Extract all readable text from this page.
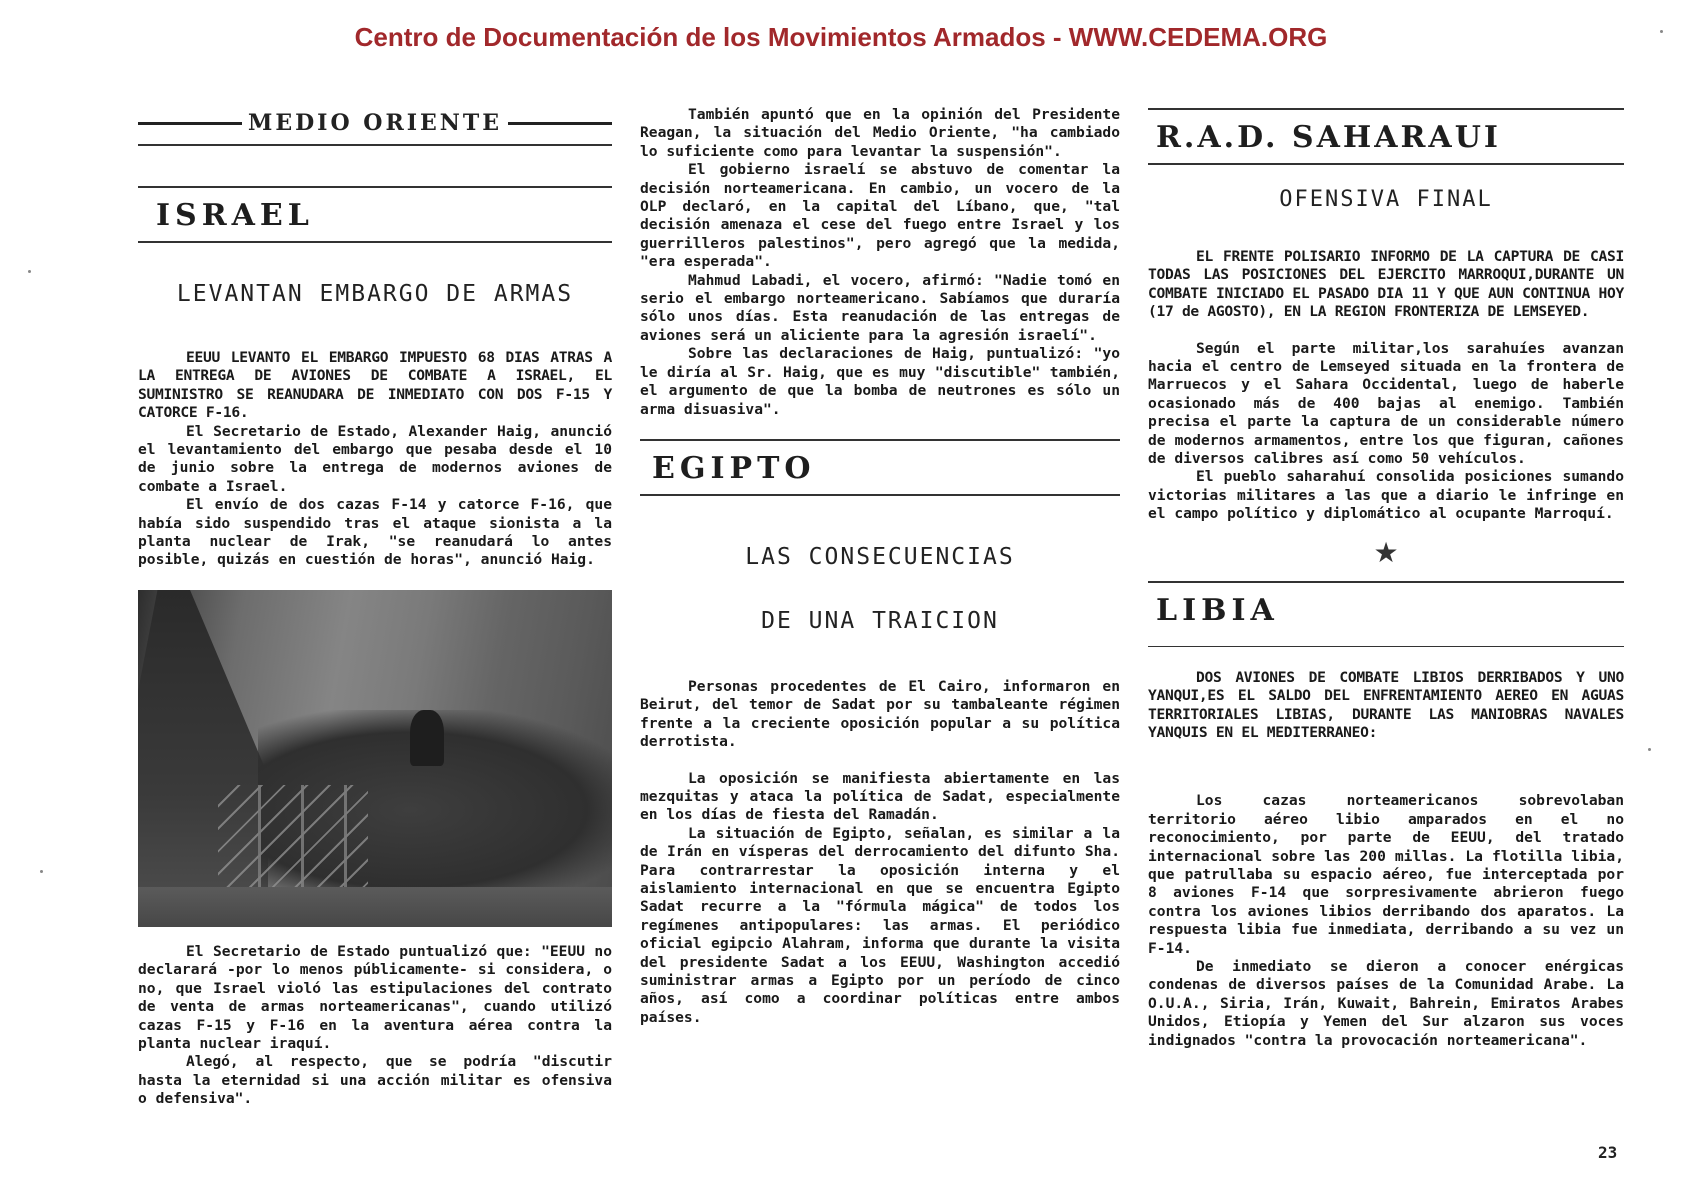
Centro de Documentación de los Movimientos Armados - WWW.CEDEMA.ORG
MEDIO ORIENTE
ISRAEL
LEVANTAN EMBARGO DE ARMAS

EEUU LEVANTO EL EMBARGO IMPUESTO 68 DIAS ATRAS A LA ENTREGA DE AVIONES DE COMBATE A ISRAEL, EL SUMINISTRO SE REANUDARA DE INMEDIATO CON DOS F-15 Y CATORCE F-16.

El Secretario de Estado, Alexander Haig, anunció el levantamiento del embargo que pesaba desde el 10 de junio sobre la entrega de modernos aviones de combate a Israel.

El envío de dos cazas F-14 y catorce F-16, que había sido suspendido tras el ataque sionista a la planta nuclear de Irak, "se reanudará lo antes posible, quizás en cuestión de horas", anunció Haig.

El Secretario de Estado puntualizó que: "EEUU no declarará -por lo menos públicamente- si considera, o no, que Israel violó las estipulaciones del contrato de venta de armas norteamericanas", cuando utilizó cazas F-15 y F-16 en la aventura aérea contra la planta nuclear iraquí.

Alegó, al respecto, que se podría "discutir hasta la eternidad si una acción militar es ofensiva o defensiva".

También apuntó que en la opinión del Presidente Reagan, la situación del Medio Oriente, "ha cambiado lo suficiente como para levantar la suspensión".

El gobierno israelí se abstuvo de comentar la decisión norteamericana. En cambio, un vocero de la OLP declaró, en la capital del Líbano, que, "tal decisión amenaza el cese del fuego entre Israel y los guerrilleros palestinos", pero agregó que la medida, "era esperada".

Mahmud Labadi, el vocero, afirmó: "Nadie tomó en serio el embargo norteamericano. Sabíamos que duraría sólo unos días. Esta reanudación de las entregas de aviones será un aliciente para la agresión israelí".

Sobre las declaraciones de Haig, puntualizó: "yo le diría al Sr. Haig, que es muy "discutible" también, el argumento de que la bomba de neutrones es sólo un arma disuasiva".

EGIPTO
LAS CONSECUENCIAS
DE UNA TRAICION

Personas procedentes de El Cairo, informaron en Beirut, del temor de Sadat por su tambaleante régimen frente a la creciente oposición popular a su política derrotista.

La oposición se manifiesta abiertamente en las mezquitas y ataca la política de Sadat, especialmente en los días de fiesta del Ramadán.

La situación de Egipto, señalan, es similar a la de Irán en vísperas del derrocamiento del difunto Sha. Para contrarrestar la oposición interna y el aislamiento internacional en que se encuentra Egipto Sadat recurre a la "fórmula mágica" de todos los regímenes antipopulares: las armas. El periódico oficial egipcio Alahram, informa que durante la visita del presidente Sadat a los EEUU, Washington accedió suministrar armas a Egipto por un período de cinco años, así como a coordinar políticas entre ambos países.

R.A.D. SAHARAUI
OFENSIVA FINAL

EL FRENTE POLISARIO INFORMO DE LA CAPTURA DE CASI TODAS LAS POSICIONES DEL EJERCITO MARROQUI,DURANTE UN COMBATE INICIADO EL PASADO DIA 11 Y QUE AUN CONTINUA HOY (17 de AGOSTO), EN LA REGION FRONTERIZA DE LEMSEYED.

Según el parte militar,los sarahuíes avanzan hacia el centro de Lemseyed situada en la frontera de Marruecos y el Sahara Occidental, luego de haberle ocasionado más de 400 bajas al enemigo. También precisa el parte la captura de un considerable número de modernos armamentos, entre los que figuran, cañones de diversos calibres así como 50 vehículos.

El pueblo saharahuí consolida posiciones sumando victorias militares a las que a diario le infringe en el campo político y diplomático al ocupante Marroquí.

★
LIBIA

DOS AVIONES DE COMBATE LIBIOS DERRIBADOS Y UNO YANQUI,ES EL SALDO DEL ENFRENTAMIENTO AEREO EN AGUAS TERRITORIALES LIBIAS, DURANTE LAS MANIOBRAS NAVALES YANQUIS EN EL MEDITERRANEO:

Los cazas norteamericanos sobrevolaban territorio aéreo libio amparados en el no reconocimiento, por parte de EEUU, del tratado internacional sobre las 200 millas. La flotilla libia, que patrullaba su espacio aéreo, fue interceptada por 8 aviones F-14 que sorpresivamente abrieron fuego contra los aviones libios derribando dos aparatos. La respuesta libia fue inmediata, derribando a su vez un F-14.

De inmediato se dieron a conocer enérgicas condenas de diversos países de la Comunidad Arabe. La O.U.A., Siria, Irán, Kuwait, Bahrein, Emiratos Arabes Unidos, Etiopía y Yemen del Sur alzaron sus voces indignados "contra la provocación norteamericana".

23
